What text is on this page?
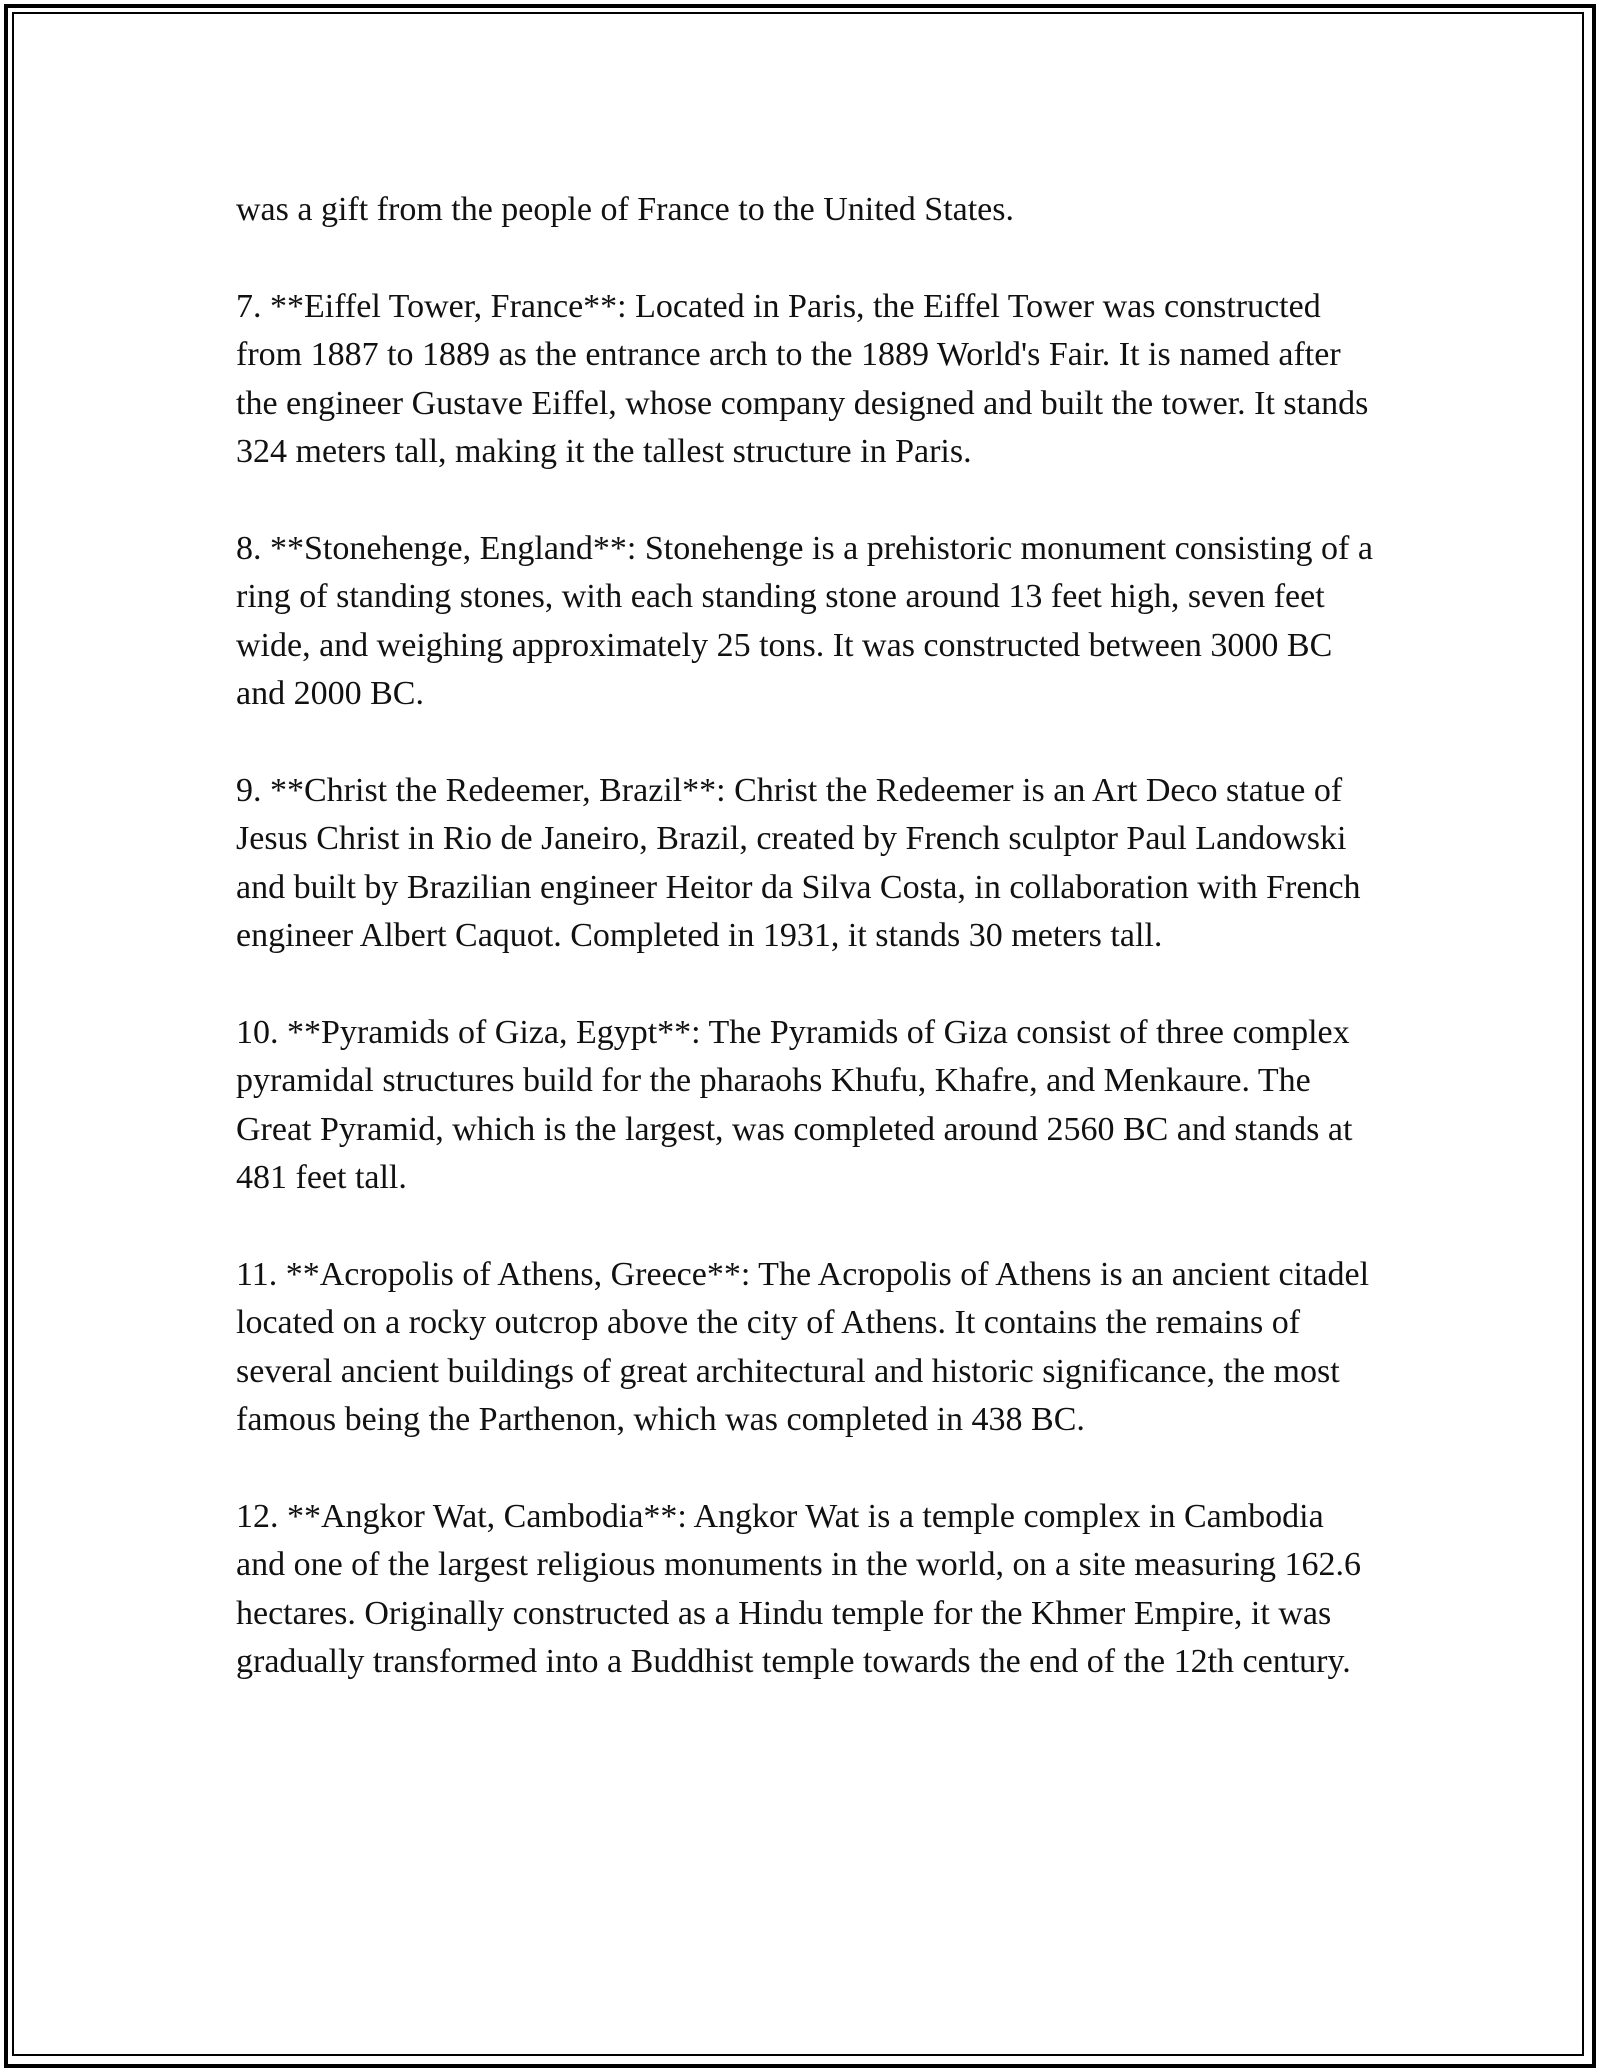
was a gift from the people of France to the United States.

7. **Eiffel Tower, France**: Located in Paris, the Eiffel Tower was constructed from 1887 to 1889 as the entrance arch to the 1889 World's Fair. It is named after the engineer Gustave Eiffel, whose company designed and built the tower. It stands 324 meters tall, making it the tallest structure in Paris.

8. **Stonehenge, England**: Stonehenge is a prehistoric monument consisting of a ring of standing stones, with each standing stone around 13 feet high, seven feet wide, and weighing approximately 25 tons. It was constructed between 3000 BC and 2000 BC.

9. **Christ the Redeemer, Brazil**: Christ the Redeemer is an Art Deco statue of Jesus Christ in Rio de Janeiro, Brazil, created by French sculptor Paul Landowski and built by Brazilian engineer Heitor da Silva Costa, in collaboration with French engineer Albert Caquot. Completed in 1931, it stands 30 meters tall.

10. **Pyramids of Giza, Egypt**: The Pyramids of Giza consist of three complex pyramidal structures build for the pharaohs Khufu, Khafre, and Menkaure. The Great Pyramid, which is the largest, was completed around 2560 BC and stands at 481 feet tall.

11. **Acropolis of Athens, Greece**: The Acropolis of Athens is an ancient citadel located on a rocky outcrop above the city of Athens. It contains the remains of several ancient buildings of great architectural and historic significance, the most famous being the Parthenon, which was completed in 438 BC.

12. **Angkor Wat, Cambodia**: Angkor Wat is a temple complex in Cambodia and one of the largest religious monuments in the world, on a site measuring 162.6 hectares. Originally constructed as a Hindu temple for the Khmer Empire, it was gradually transformed into a Buddhist temple towards the end of the 12th century.
